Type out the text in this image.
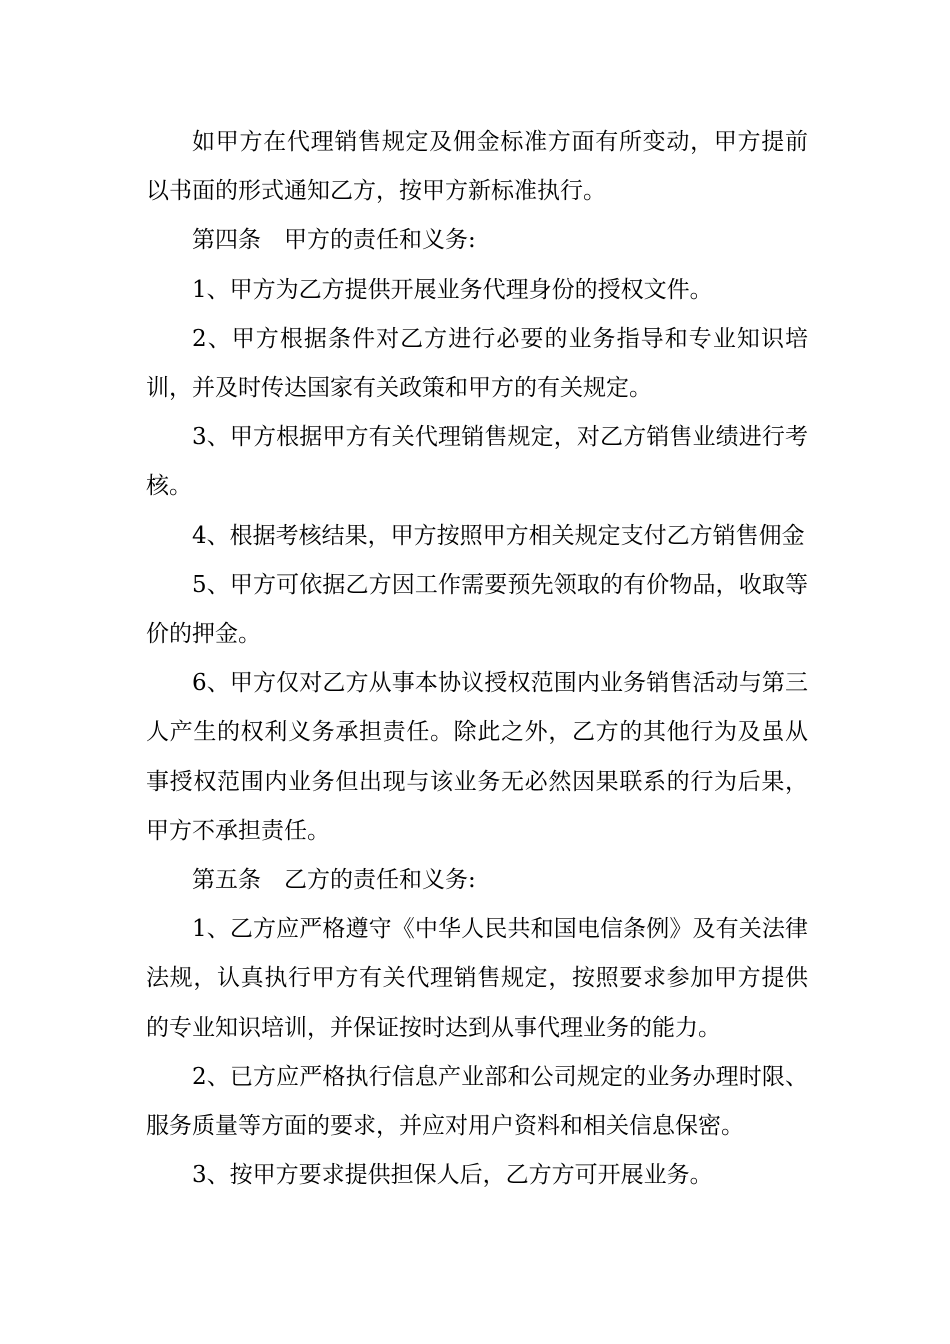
如甲方在代理销售规定及佣金标准方面有所变动，甲方提前以书面的形式通知乙方，按甲方新标准执行。

第四条　甲方的责任和义务:

1、甲方为乙方提供开展业务代理身份的授权文件。

2、甲方根据条件对乙方进行必要的业务指导和专业知识培训，并及时传达国家有关政策和甲方的有关规定。

3、甲方根据甲方有关代理销售规定，对乙方销售业绩进行考核。

4、根据考核结果，甲方按照甲方相关规定支付乙方销售佣金

5、甲方可依据乙方因工作需要预先领取的有价物品，收取等价的押金。

6、甲方仅对乙方从事本协议授权范围内业务销售活动与第三人产生的权利义务承担责任。除此之外，乙方的其他行为及虽从事授权范围内业务但出现与该业务无必然因果联系的行为后果，甲方不承担责任。

第五条　乙方的责任和义务:

1、乙方应严格遵守《中华人民共和国电信条例》及有关法律法规，认真执行甲方有关代理销售规定，按照要求参加甲方提供的专业知识培训，并保证按时达到从事代理业务的能力。

2、已方应严格执行信息产业部和公司规定的业务办理时限、服务质量等方面的要求，并应对用户资料和相关信息保密。

3、按甲方要求提供担保人后，乙方方可开展业务。
